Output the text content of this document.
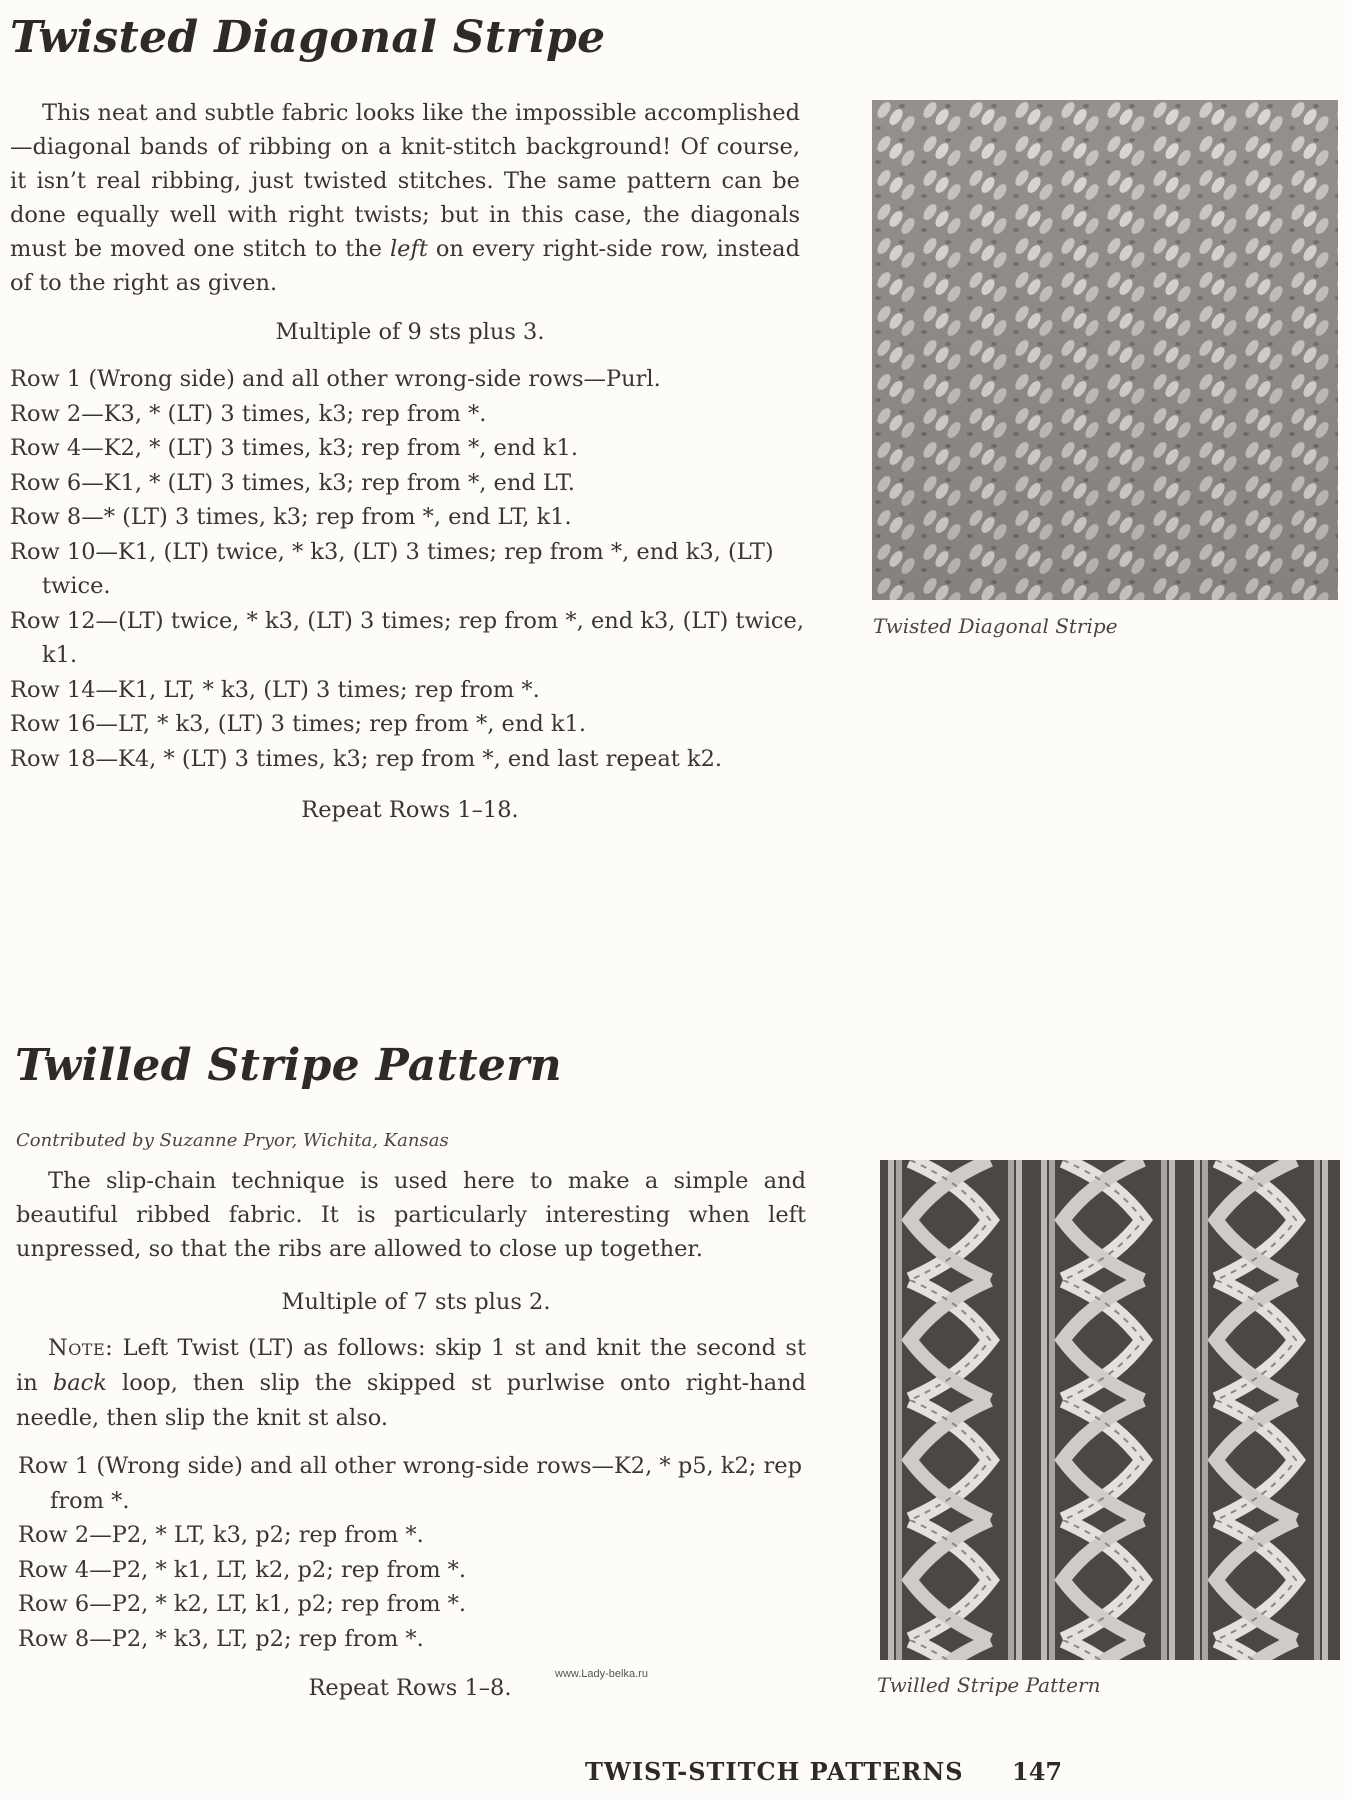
Twisted Diagonal Stripe

This neat and subtle fabric looks like the impossible accomplished—diagonal bands of ribbing on a knit-stitch background! Of course, it isn’t real ribbing, just twisted stitches. The same pattern can be done equally well with right twists; but in this case, the diagonals must be moved one stitch to the left on every right-side row, instead of to the right as given.

Multiple of 9 sts plus 3.

Row 1 (Wrong side) and all other wrong-side rows—Purl.
Row 2—K3, * (LT) 3 times, k3; rep from *.
Row 4—K2, * (LT) 3 times, k3; rep from *, end k1.
Row 6—K1, * (LT) 3 times, k3; rep from *, end LT.
Row 8—* (LT) 3 times, k3; rep from *, end LT, k1.
Row 10—K1, (LT) twice, * k3, (LT) 3 times; rep from *, end k3, (LT) twice.
Row 12—(LT) twice, * k3, (LT) 3 times; rep from *, end k3, (LT) twice, k1.
Row 14—K1, LT, * k3, (LT) 3 times; rep from *.
Row 16—LT, * k3, (LT) 3 times; rep from *, end k1.
Row 18—K4, * (LT) 3 times, k3; rep from *, end last repeat k2.

Repeat Rows 1–18.

Twisted Diagonal Stripe

Twilled Stripe Pattern

Contributed by Suzanne Pryor, Wichita, Kansas

The slip-chain technique is used here to make a simple and beautiful ribbed fabric. It is particularly interesting when left unpressed, so that the ribs are allowed to close up together.

Multiple of 7 sts plus 2.

Note: Left Twist (LT) as follows: skip 1 st and knit the second st in back loop, then slip the skipped st purlwise onto right-hand needle, then slip the knit st also.

Row 1 (Wrong side) and all other wrong-side rows—K2, * p5, k2; rep from *.
Row 2—P2, * LT, k3, p2; rep from *.
Row 4—P2, * k1, LT, k2, p2; rep from *.
Row 6—P2, * k2, LT, k1, p2; rep from *.
Row 8—P2, * k3, LT, p2; rep from *.

Repeat Rows 1–8.	Twilled Stripe Pattern

www.Lady-belka.ru
TWIST-STITCH PATTERNS 147
